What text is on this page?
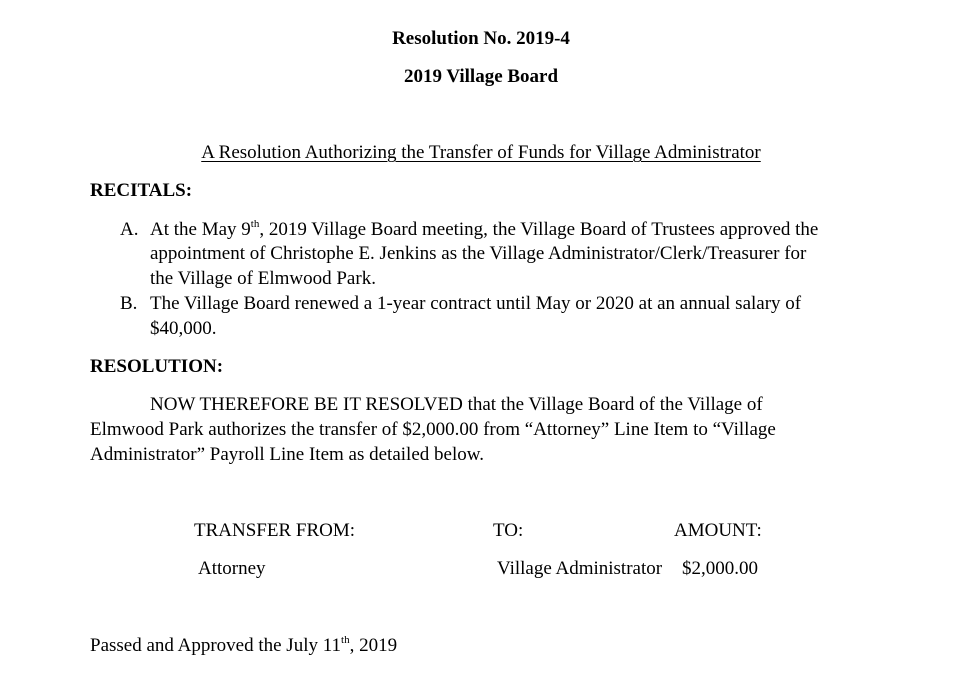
Resolution No. 2019-4
2019 Village Board
A Resolution Authorizing the Transfer of Funds for Village Administrator
RECITALS:
A. At the May 9th, 2019 Village Board meeting, the Village Board of Trustees approved the
appointment of Christophe E. Jenkins as the Village Administrator/Clerk/Treasurer for
the Village of Elmwood Park.
B. The Village Board renewed a 1-year contract until May or 2020 at an annual salary of
$40,000.
RESOLUTION:
NOW THEREFORE BE IT RESOLVED that the Village Board of the Village of
Elmwood Park authorizes the transfer of $2,000.00 from “Attorney” Line Item to “Village
Administrator” Payroll Line Item as detailed below.
TRANSFER FROM:	TO:	AMOUNT:
Attorney	Village Administrator $2,000.00
Passed and Approved the July 11th, 2019
